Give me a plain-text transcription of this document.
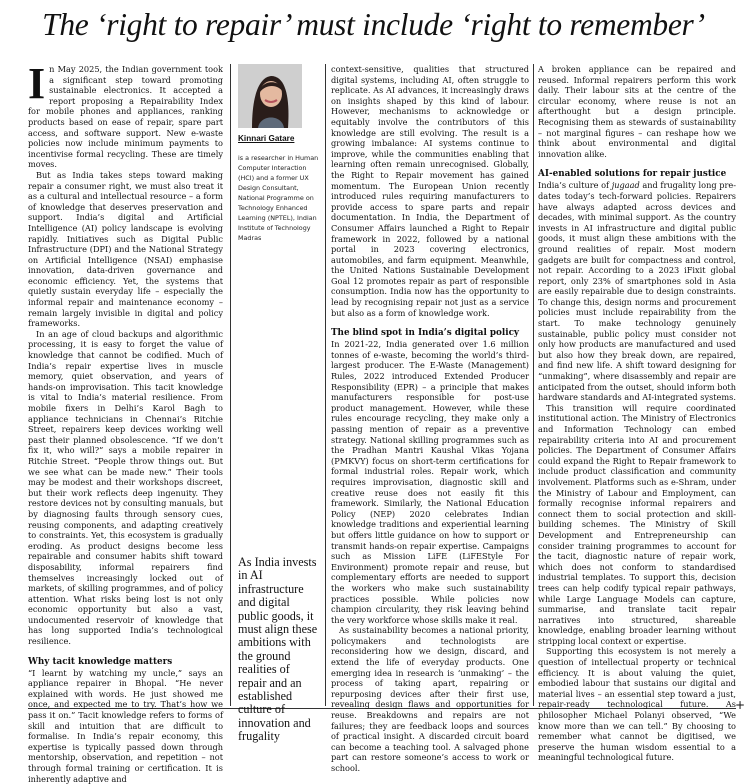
The ‘right to repair’ must include ‘right to remember’

In May 2025, the Indian government took a significant step toward promoting sustainable electronics. It accepted a report proposing a Repairability Index for mobile phones and appliances, ranking products based on ease of repair, spare part access, and software support. New e-waste policies now include minimum payments to incentivise formal recycling. These are timely moves.

But as India takes steps toward making repair a consumer right, we must also treat it as a cultural and intellectual resource – a form of knowledge that deserves preservation and support. India’s digital and Artificial Intelligence (AI) policy landscape is evolving rapidly. Initiatives such as Digital Public Infrastructure (DPI) and the National Strategy on Artificial Intelligence (NSAI) emphasise innovation, data-driven governance and economic efficiency. Yet, the systems that quietly sustain everyday life – especially the informal repair and maintenance economy – remain largely invisible in digital and policy frameworks.

In an age of cloud backups and algorithmic processing, it is easy to forget the value of knowledge that cannot be codified. Much of India’s repair expertise lives in muscle memory, quiet observation, and years of hands-on improvisation. This tacit knowledge is vital to India’s material resilience. From mobile fixers in Delhi’s Karol Bagh to appliance technicians in Chennai’s Ritchie Street, repairers keep devices working well past their planned obsolescence. “If we don’t fix it, who will?” says a mobile repairer in Ritchie Street. “People throw things out. But we see what can be made new.” Their tools may be modest and their workshops discreet, but their work reflects deep ingenuity. They restore devices not by consulting manuals, but by diagnosing faults through sensory cues, reusing components, and adapting creatively to constraints. Yet, this ecosystem is gradually eroding. As product designs become less repairable and consumer habits shift toward disposability, informal repairers find themselves increasingly locked out of markets, of skilling programmes, and of policy attention. What risks being lost is not only economic opportunity but also a vast, undocumented reservoir of knowledge that has long supported India’s technological resilience.

Why tacit knowledge matters

“I learnt by watching my uncle,” says an appliance repairer in Bhopal. “He never explained with words. He just showed me once, and expected me to try. That’s how we pass it on.” Tacit knowledge refers to forms of skill and intuition that are difficult to formalise. In India’s repair economy, this expertise is typically passed down through mentorship, observation, and repetition – not through formal training or certification. It is inherently adaptive and

Kinnari Gatare
is a researcher in Human Computer Interaction (HCI) and a former UX Design Consultant, National Programme on Technology Enhanced Learning (NPTEL), Indian Institute of Technology Madras
As India invests in AI infrastructure and digital public goods, it must align these ambitions with the ground realities of repair and an established culture of innovation and frugality

context-sensitive, qualities that structured digital systems, including AI, often struggle to replicate. As AI advances, it increasingly draws on insights shaped by this kind of labour. However, mechanisms to acknowledge or equitably involve the contributors of this knowledge are still evolving. The result is a growing imbalance: AI systems continue to improve, while the communities enabling that learning often remain unrecognised. Globally, the Right to Repair movement has gained momentum. The European Union recently introduced rules requiring manufacturers to provide access to spare parts and repair documentation. In India, the Department of Consumer Affairs launched a Right to Repair framework in 2022, followed by a national portal in 2023 covering electronics, automobiles, and farm equipment. Meanwhile, the United Nations Sustainable Development Goal 12 promotes repair as part of responsible consumption. India now has the opportunity to lead by recognising repair not just as a service but also as a form of knowledge work.

The blind spot in India’s digital policy

In 2021-22, India generated over 1.6 million tonnes of e-waste, becoming the world’s third-largest producer. The E-Waste (Management) Rules, 2022 introduced Extended Producer Responsibility (EPR) – a principle that makes manufacturers responsible for post-use product management. However, while these rules encourage recycling, they make only a passing mention of repair as a preventive strategy. National skilling programmes such as the Pradhan Mantri Kaushal Vikas Yojana (PMKVY) focus on short-term certifications for formal industrial roles. Repair work, which requires improvisation, diagnostic skill and creative reuse does not easily fit this framework. Similarly, the National Education Policy (NEP) 2020 celebrates Indian knowledge traditions and experiential learning but offers little guidance on how to support or transmit hands-on repair expertise. Campaigns such as Mission LiFE (LiFEStyle For Environment) promote repair and reuse, but complementary efforts are needed to support the workers who make such sustainability practices possible. While policies now champion circularity, they risk leaving behind the very workforce whose skills make it real.

As sustainability becomes a national priority, policymakers and technologists are reconsidering how we design, discard, and extend the life of everyday products. One emerging idea in research is ‘unmaking’ – the process of taking apart, repairing or repurposing devices after their first use, revealing design flaws and opportunities for reuse. Breakdowns and repairs are not failures; they are feedback loops and sources of practical insight. A discarded circuit board can become a teaching tool. A salvaged phone part can restore someone’s access to work or school.

A broken appliance can be repaired and reused. Informal repairers perform this work daily. Their labour sits at the centre of the circular economy, where reuse is not an afterthought but a design principle. Recognising them as stewards of sustainability – not marginal figures – can reshape how we think about environmental and digital innovation alike.

AI-enabled solutions for repair justice

India’s culture of jugaad and frugality long pre-dates today’s tech-forward policies. Repairers have always adapted across devices and decades, with minimal support. As the country invests in AI infrastructure and digital public goods, it must align these ambitions with the ground realities of repair. Most modern gadgets are built for compactness and control, not repair. According to a 2023 iFixit global report, only 23% of smartphones sold in Asia are easily repairable due to design constraints. To change this, design norms and procurement policies must include repairability from the start. To make technology genuinely sustainable, public policy must consider not only how products are manufactured and used but also how they break down, are repaired, and find new life. A shift toward designing for “unmaking”, where disassembly and repair are anticipated from the outset, should inform both hardware standards and AI-integrated systems.

This transition will require coordinated institutional action. The Ministry of Electronics and Information Technology can embed repairability criteria into AI and procurement policies. The Department of Consumer Affairs could expand the Right to Repair framework to include product classification and community involvement. Platforms such as e-Shram, under the Ministry of Labour and Employment, can formally recognise informal repairers and connect them to social protection and skill-building schemes. The Ministry of Skill Development and Entrepreneurship can consider training programmes to account for the tacit, diagnostic nature of repair work, which does not conform to standardised industrial templates. To support this, decision trees can help codify typical repair pathways, while Large Language Models can capture, summarise, and translate tacit repair narratives into structured, shareable knowledge, enabling broader learning without stripping local context or expertise.

Supporting this ecosystem is not merely a question of intellectual property or technical efficiency. It is about valuing the quiet, embodied labour that sustains our digital and material lives – an essential step toward a just, repair-ready technological future. As philosopher Michael Polanyi observed, “We know more than we can tell.” By choosing to remember what cannot be digitised, we preserve the human wisdom essential to a meaningful technological future.

+
